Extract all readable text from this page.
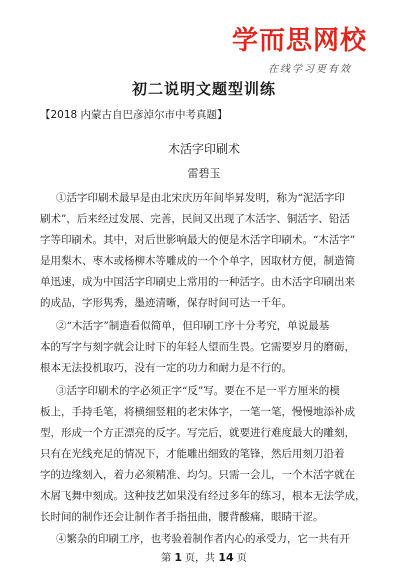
学而思网校
在线学习更有效
初二说明文题型训练
【2018 内蒙古自巴彦淖尔市中考真题】
木活字印刷术
雷碧玉
①活字印刷术最早是由北宋庆历年间毕昇发明，称为“泥活字印
刷术”，后来经过发展、完善，民间又出现了木活字、铜活字、铅活
字等印刷术。其中，对后世影响最大的便是木活字印刷术。“木活字”
是用梨木、枣木或杨柳木等雕成的一个个单字，因取材方便，制造简
单迅速，成为中国活字印刷史上常用的一种活字。由木活字印刷出来
的成品，字形隽秀，墨迹清晰，保存时间可达一千年。
②“木活字”制造看似简单，但印刷工序十分考究，单说最基
本的写字与刻字就会让时下的年轻人望而生畏。它需要岁月的磨砺，
根本无法投机取巧，没有一定的功力和耐力是不行的。
③活字印刷术的字必须正字“反”写。要在不足一平方厘米的模
板上，手持毛笔，将横细竖粗的老宋体字，一笔一笔，慢慢地添补成
型，形成一个方正漂亮的反字。写完后，就要进行难度最大的雕刻，
只有在光线充足的情况下，才能雕出细致的笔锋，然后用刻刀沿着
字的边缘刻入，着力必须精准、均匀。只需一会儿，一个木活字就在
木屑飞舞中刻成。这种技艺如果没有经过多年的练习，根本无法学成，
长时间的制作还会让制作者手指扭曲，腰背酸痛，眼睛干涩。
④繁杂的印刷工序，也考验着制作者内心的承受力，它一共有开
第 1 页，共 14 页
